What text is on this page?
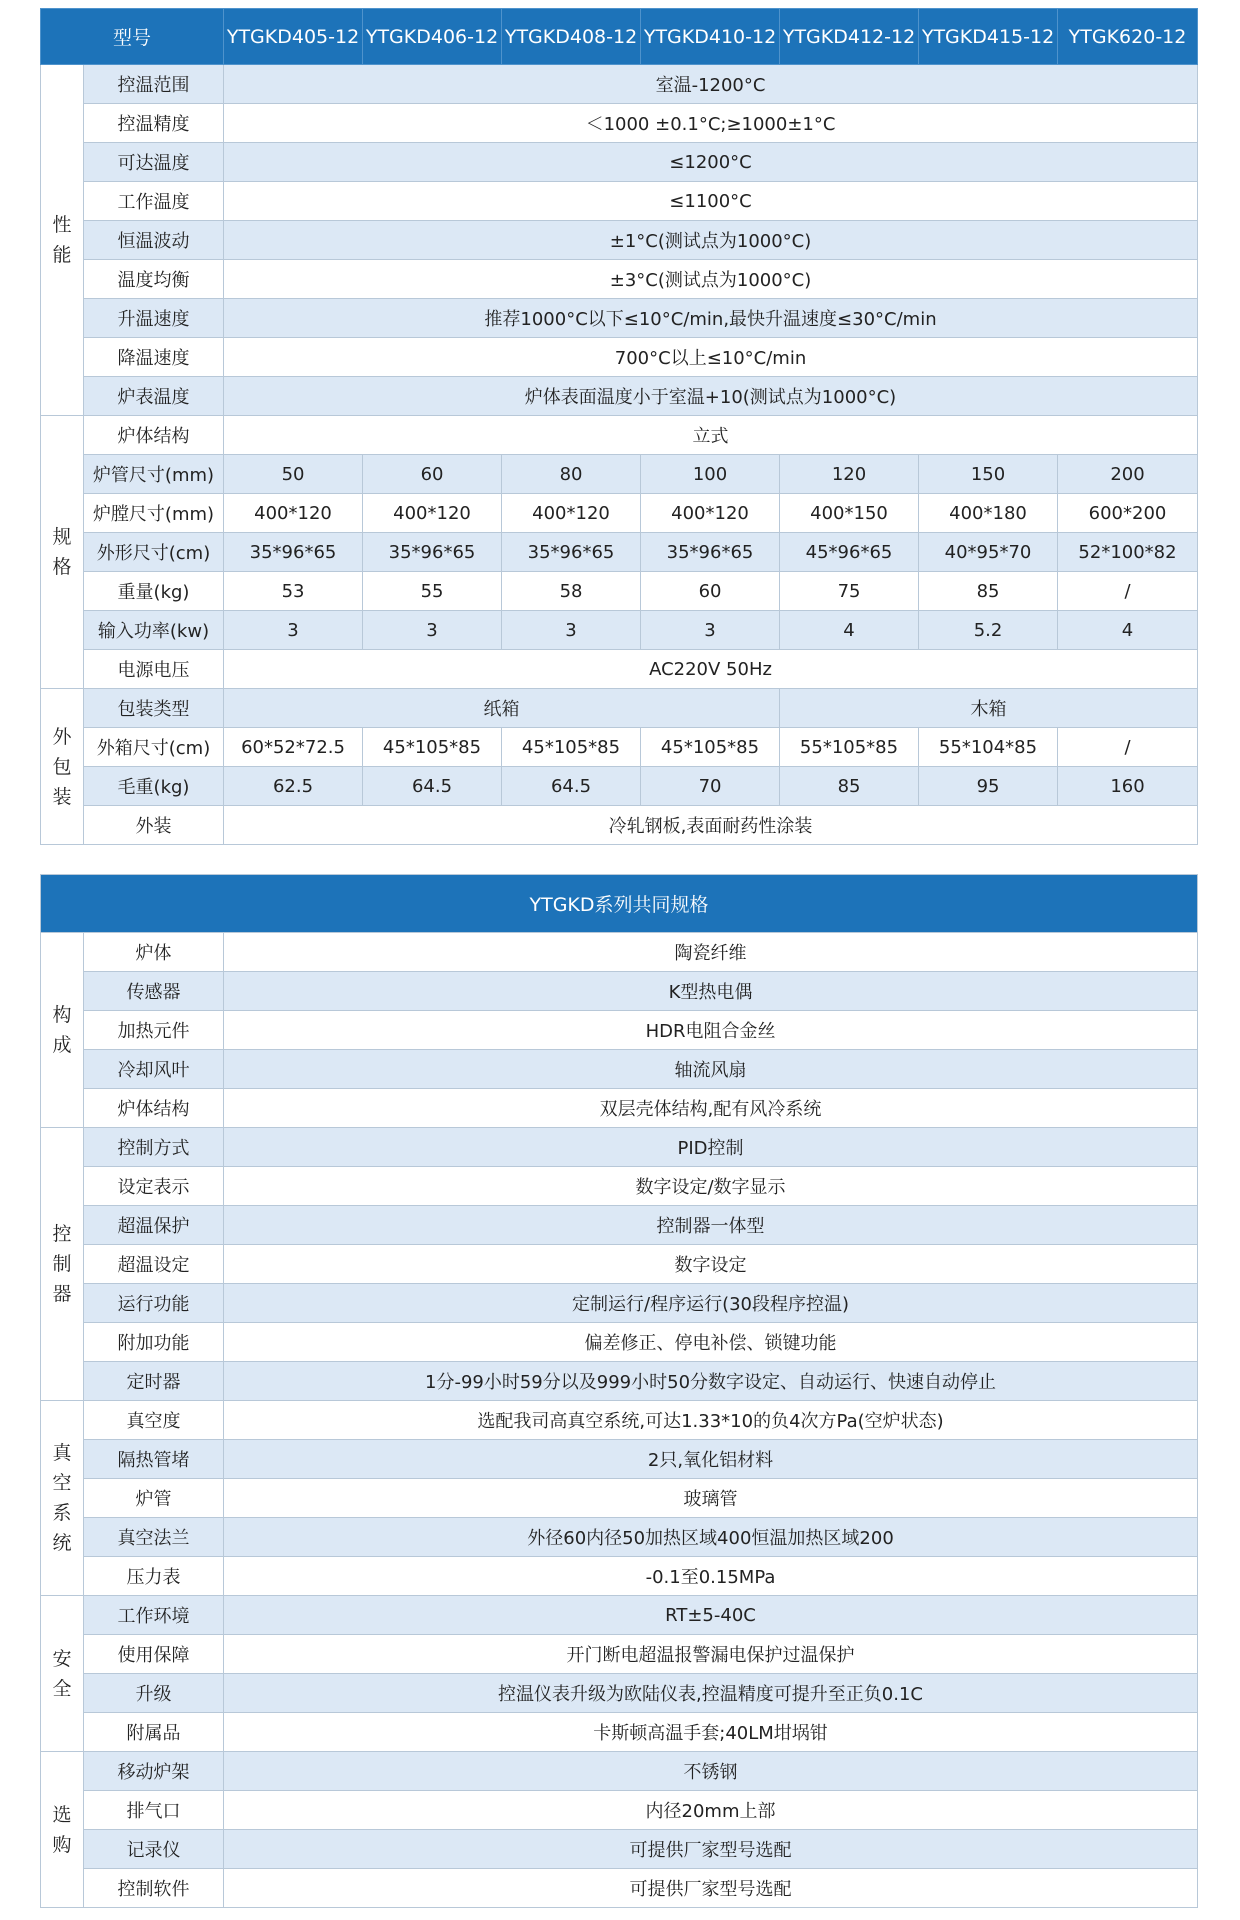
型号		YTGKD405-12	YTGKD406-12	YTGKD408-12	YTGKD410-12	YTGKD412-12	YTGKD415-12	YTGK620-12

性能	控温范围	室温-1200°C						
	控温精度	＜1000 ±0.1°C;≥1000±1°C						
	可达温度	≤1200°C						
	工作温度	≤1100°C						
	恒温波动	±1°C(测试点为1000°C)						
	温度均衡	±3°C(测试点为1000°C)						
	升温速度	推荐1000°C以下≤10°C/min,最快升温速度≤30°C/min						
	降温速度	700°C以上≤10°C/min						
	炉表温度	炉体表面温度小于室温+10(测试点为1000°C)						

规格	炉体结构	立式						
	炉管尺寸(mm)	50	60	80	100	120	150	200
	炉膛尺寸(mm)	400*120	400*120	400*120	400*120	400*150	400*180	600*200
	外形尺寸(cm)	35*96*65	35*96*65	35*96*65	35*96*65	45*96*65	40*95*70	52*100*82
	重量(kg)	53	55	58	60	75	85	/
	输入功率(kw)	3	3	3	3	4	5.2	4
	电源电压	AC220V 50Hz						

外包装	包装类型	纸箱				木箱		
	外箱尺寸(cm)	60*52*72.5	45*105*85	45*105*85	45*105*85	55*105*85	55*104*85	/
	毛重(kg)	62.5	64.5	64.5	70	85	95	160
	外装	冷轧钢板,表面耐药性涂装						
YTGKD系列共同规格		

构成	炉体	陶瓷纤维
	传感器	K型热电偶
	加热元件	HDR电阻合金丝
	冷却风叶	轴流风扇
	炉体结构	双层壳体结构,配有风冷系统

控制器	控制方式	PID控制
	设定表示	数字设定/数字显示
	超温保护	控制器一体型
	超温设定	数字设定
	运行功能	定制运行/程序运行(30段程序控温)
	附加功能	偏差修正、停电补偿、锁键功能
	定时器	1分-99小时59分以及999小时50分数字设定、自动运行、快速自动停止

真空系统	真空度	选配我司高真空系统,可达1.33*10的负4次方Pa(空炉状态)
	隔热管堵	2只,氧化铝材料
	炉管	玻璃管
	真空法兰	外径60内径50加热区域400恒温加热区域200
	压力表	-0.1至0.15MPa

安全	工作环境	RT±5-40C
	使用保障	开门断电超温报警漏电保护过温保护
	升级	控温仪表升级为欧陆仪表,控温精度可提升至正负0.1C
	附属品	卡斯顿高温手套;40LM坩埚钳

选购	移动炉架	不锈钢
	排气口	内径20mm上部
	记录仪	可提供厂家型号选配
	控制软件	可提供厂家型号选配
